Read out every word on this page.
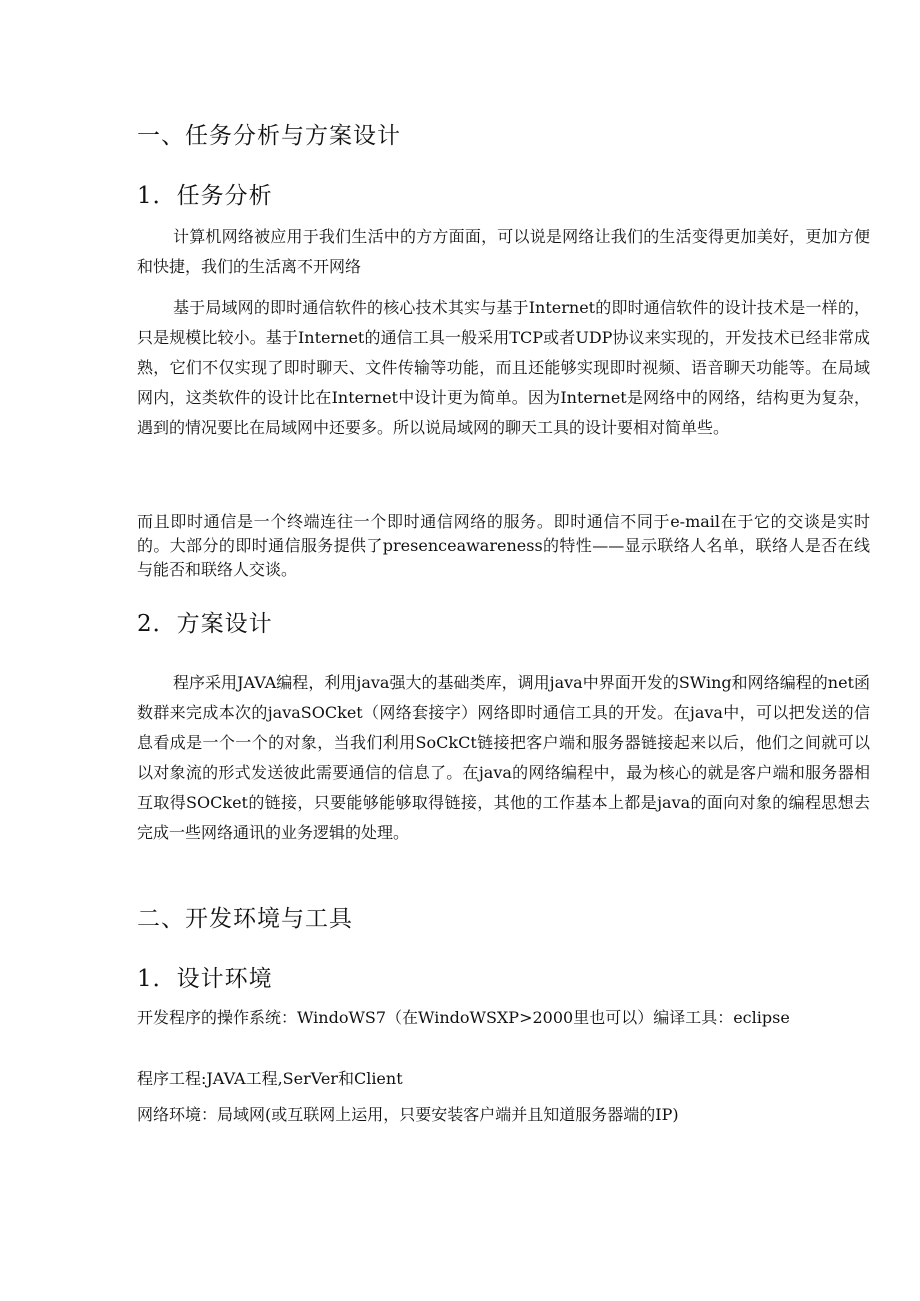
一、任务分析与方案设计
1．任务分析
计算机网络被应用于我们生活中的方方面面，可以说是网络让我们的生活变得更加美好，更加方便和快捷，我们的生活离不开网络
基于局域网的即时通信软件的核心技术其实与基于Internet的即时通信软件的设计技术是一样的，只是规模比较小。基于Internet的通信工具一般采用TCP或者UDP协议来实现的，开发技术已经非常成熟，它们不仅实现了即时聊天、文件传输等功能，而且还能够实现即时视频、语音聊天功能等。在局域网内，这类软件的设计比在Internet中设计更为简单。因为Internet是网络中的网络，结构更为复杂，遇到的情况要比在局域网中还要多。所以说局域网的聊天工具的设计要相对简单些。
而且即时通信是一个终端连往一个即时通信网络的服务。即时通信不同于e-mail在于它的交谈是实时的。大部分的即时通信服务提供了presenceawareness的特性——显示联络人名单，联络人是否在线与能否和联络人交谈。
2．方案设计
程序采用JAVA编程，利用java强大的基础类库，调用java中界面开发的SWing和网络编程的net函数群来完成本次的javaSOCket（网络套接字）网络即时通信工具的开发。在java中，可以把发送的信息看成是一个一个的对象，当我们利用SoCkCt链接把客户端和服务器链接起来以后，他们之间就可以以对象流的形式发送彼此需要通信的信息了。在java的网络编程中，最为核心的就是客户端和服务器相互取得SOCket的链接，只要能够能够取得链接，其他的工作基本上都是java的面向对象的编程思想去完成一些网络通讯的业务逻辑的处理。
二、开发环境与工具
1．设计环境
开发程序的操作系统：WindoWS7（在WindoWSXP>2000里也可以）编译工具：eclipse
程序工程:JAVA工程,SerVer和Client
网络环境：局域网(或互联网上运用，只要安装客户端并且知道服务器端的IP)
